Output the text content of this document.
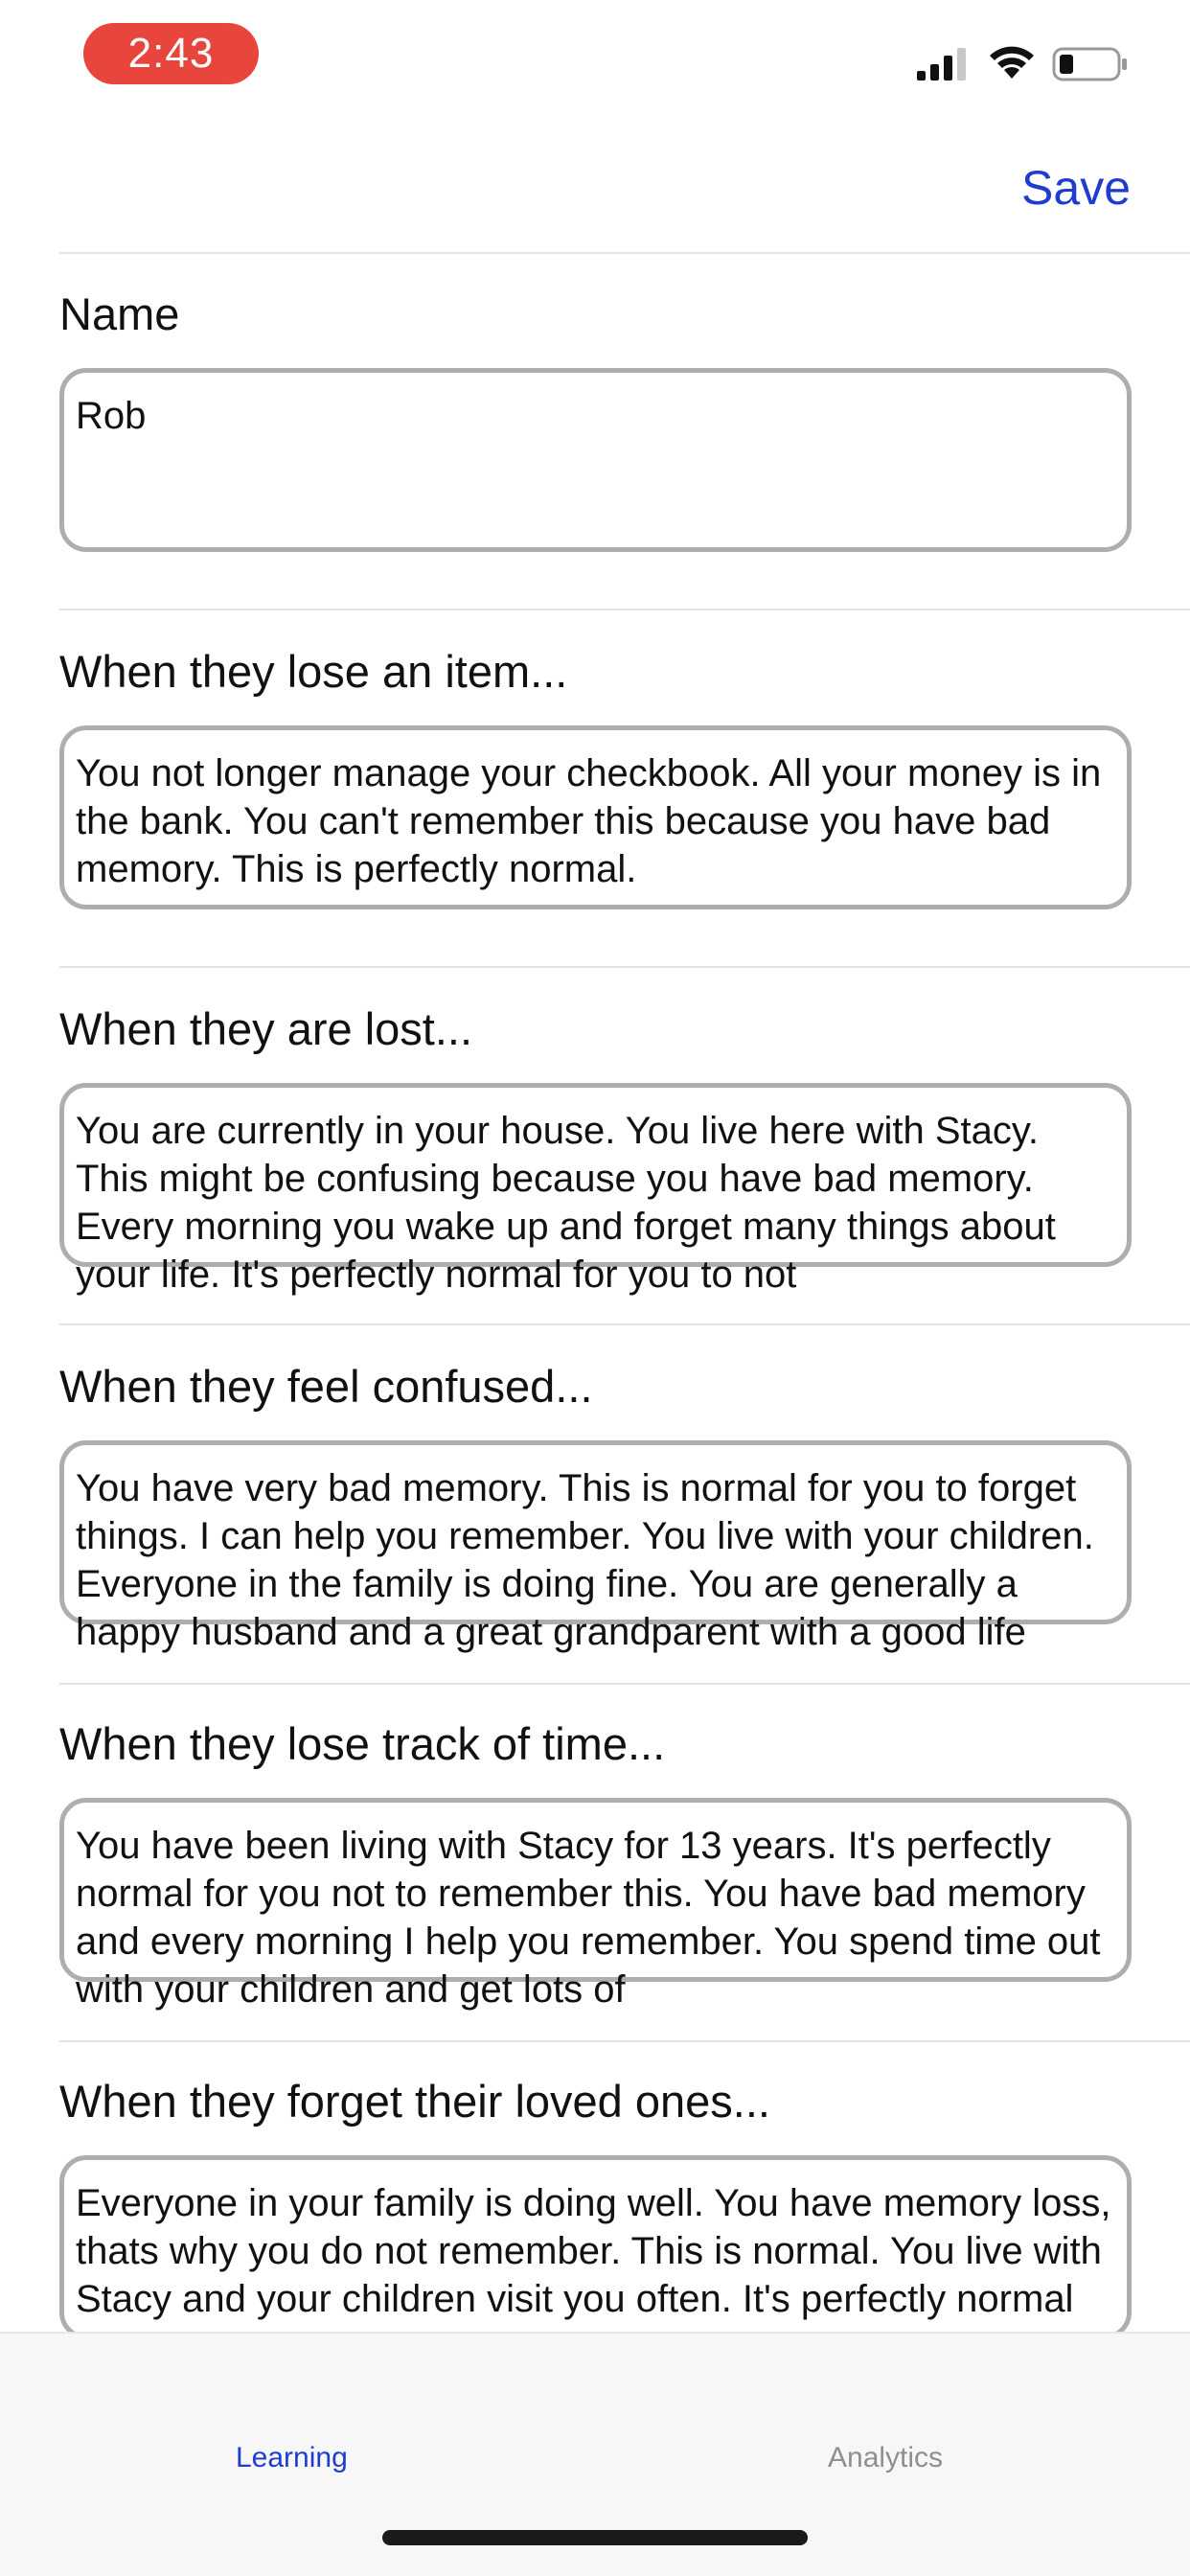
2:43
Save
Name
Rob
When they lose an item...
You not longer manage your checkbook. All your money is in the bank. You can't remember this because you have bad memory. This is perfectly normal.
When they are lost...
You are currently in your house. You live here with Stacy. This might be confusing because you have bad memory. Every morning you wake up and forget many things about your life. It's perfectly normal for you to not
When they feel confused...
You have very bad memory. This is normal for you to forget things. I can help you remember. You live with your children. Everyone in the family is doing fine. You are generally a happy husband and a great grandparent with a good life
When they lose track of time...
You have been living with Stacy for 13 years. It's perfectly normal for you not to remember this. You have bad memory and every morning I help you remember. You spend time out with your children and get lots of
When they forget their loved ones...
Everyone in your family is doing well. You have memory loss, thats why you do not remember. This is normal. You live with Stacy and your children visit you often. It's perfectly normal
Learning	Analytics
